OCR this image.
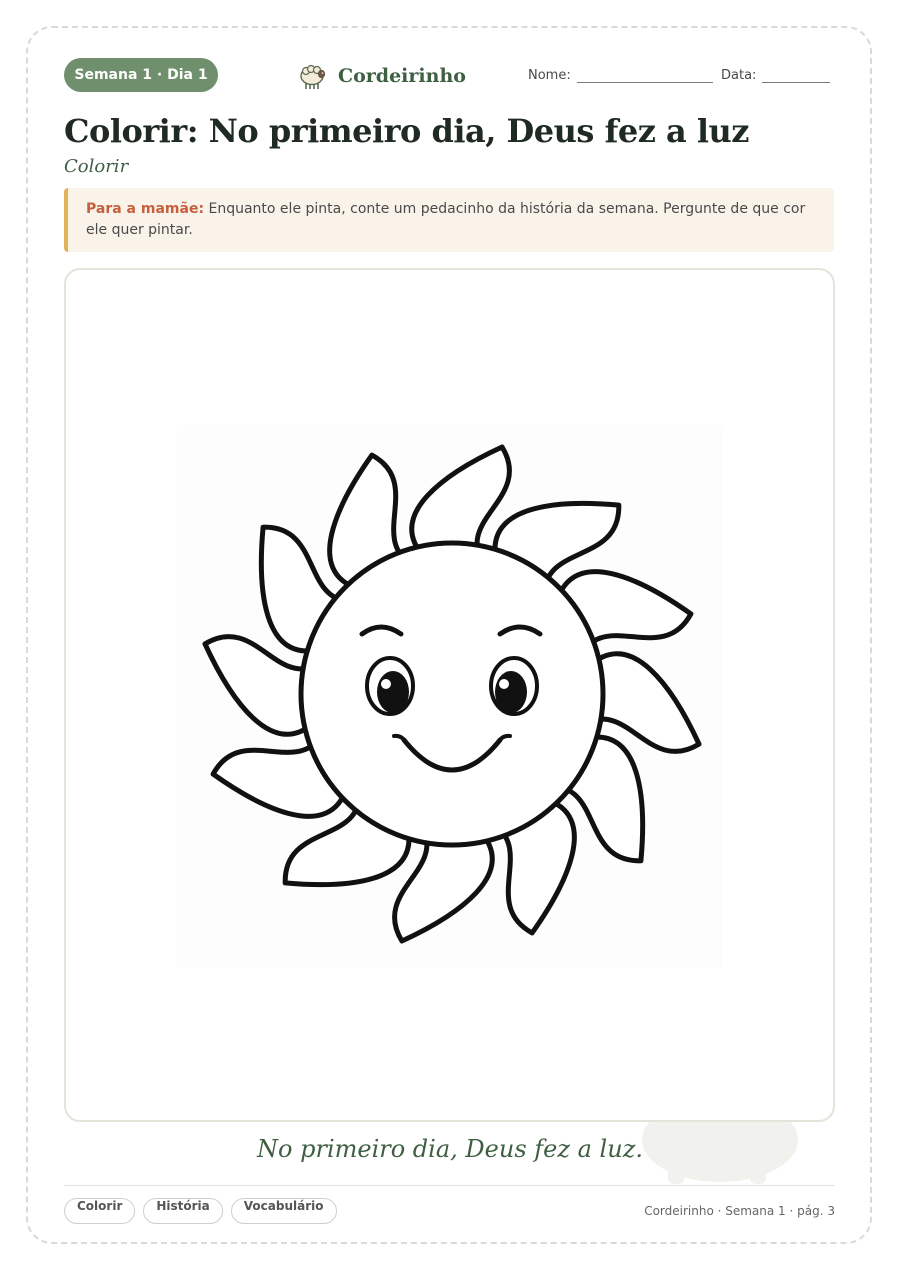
Semana 1 · Dia 1	Cordeirinho	Nome:	Data:
Colorir: No primeiro dia, Deus fez a luz
Colorir
Para a mamãe: Enquanto ele pinta, conte um pedacinho da história da semana. Pergunte de que cor ele quer pintar.
No primeiro dia, Deus fez a luz.
Colorir	História	Vocabulário	Cordeirinho · Semana 1 · pág. 3
